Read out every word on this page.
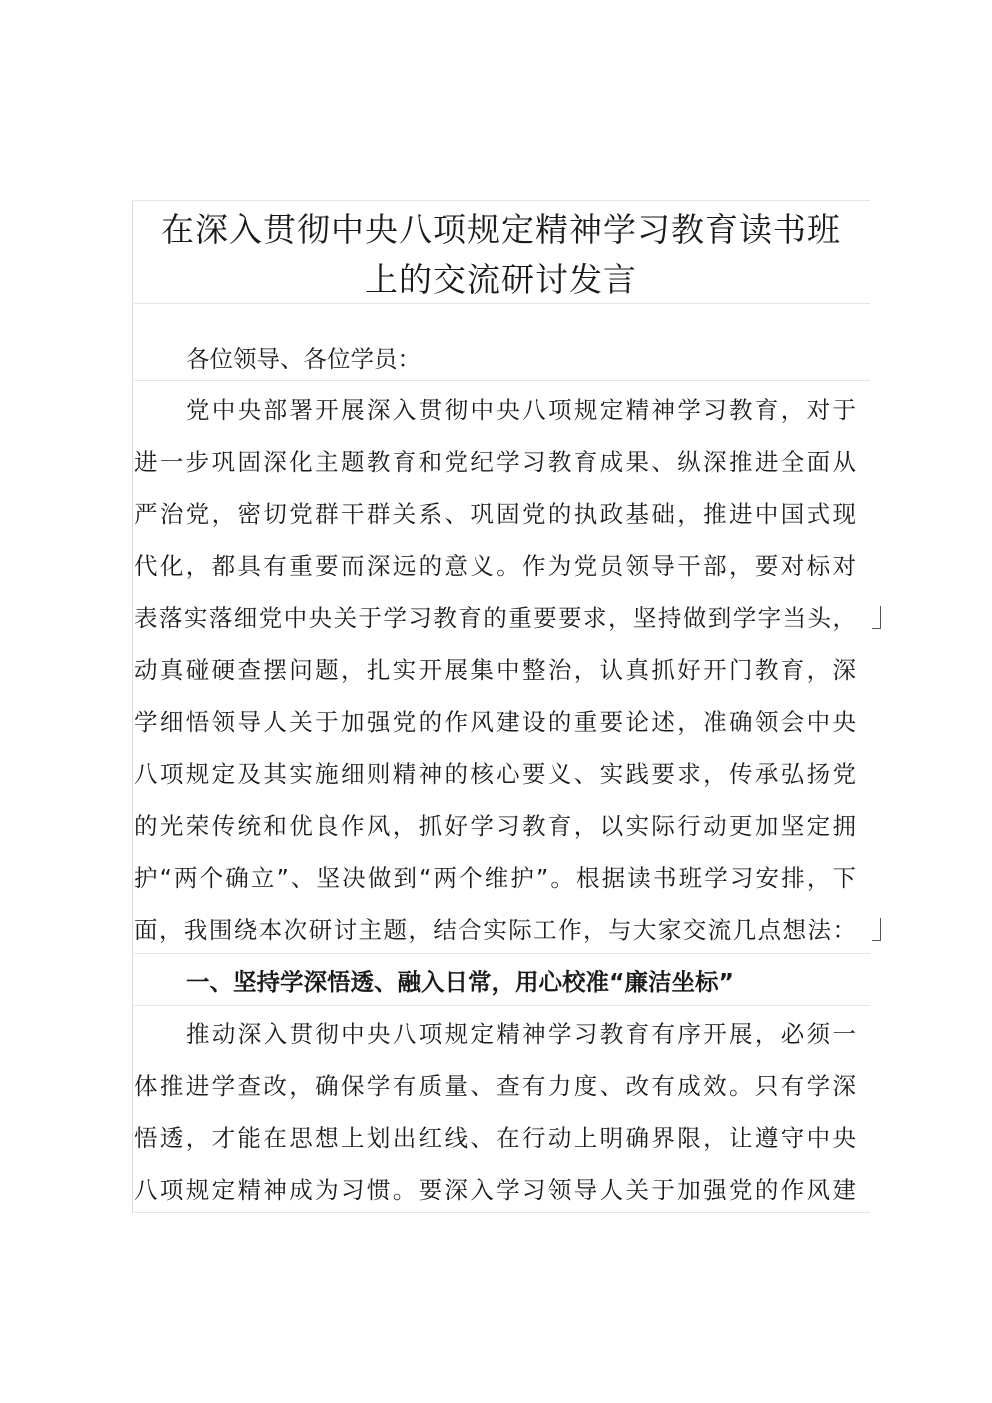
在深入贯彻中央八项规定精神学习教育读书班
上的交流研讨发言
各位领导、各位学员：
党中央部署开展深入贯彻中央八项规定精神学习教育，对于
进一步巩固深化主题教育和党纪学习教育成果、纵深推进全面从
严治党，密切党群干群关系、巩固党的执政基础，推进中国式现
代化，都具有重要而深远的意义。作为党员领导干部，要对标对
表落实落细党中央关于学习教育的重要要求，坚持做到学字当头，
动真碰硬查摆问题，扎实开展集中整治，认真抓好开门教育，深
学细悟领导人关于加强党的作风建设的重要论述，准确领会中央
八项规定及其实施细则精神的核心要义、实践要求，传承弘扬党
的光荣传统和优良作风，抓好学习教育，以实际行动更加坚定拥
护“两个确立”、坚决做到“两个维护”。根据读书班学习安排，下
面，我围绕本次研讨主题，结合实际工作，与大家交流几点想法：
一、坚持学深悟透、融入日常，用心校准“廉洁坐标”
推动深入贯彻中央八项规定精神学习教育有序开展，必须一
体推进学查改，确保学有质量、查有力度、改有成效。只有学深
悟透，才能在思想上划出红线、在行动上明确界限，让遵守中央
八项规定精神成为习惯。要深入学习领导人关于加强党的作风建
